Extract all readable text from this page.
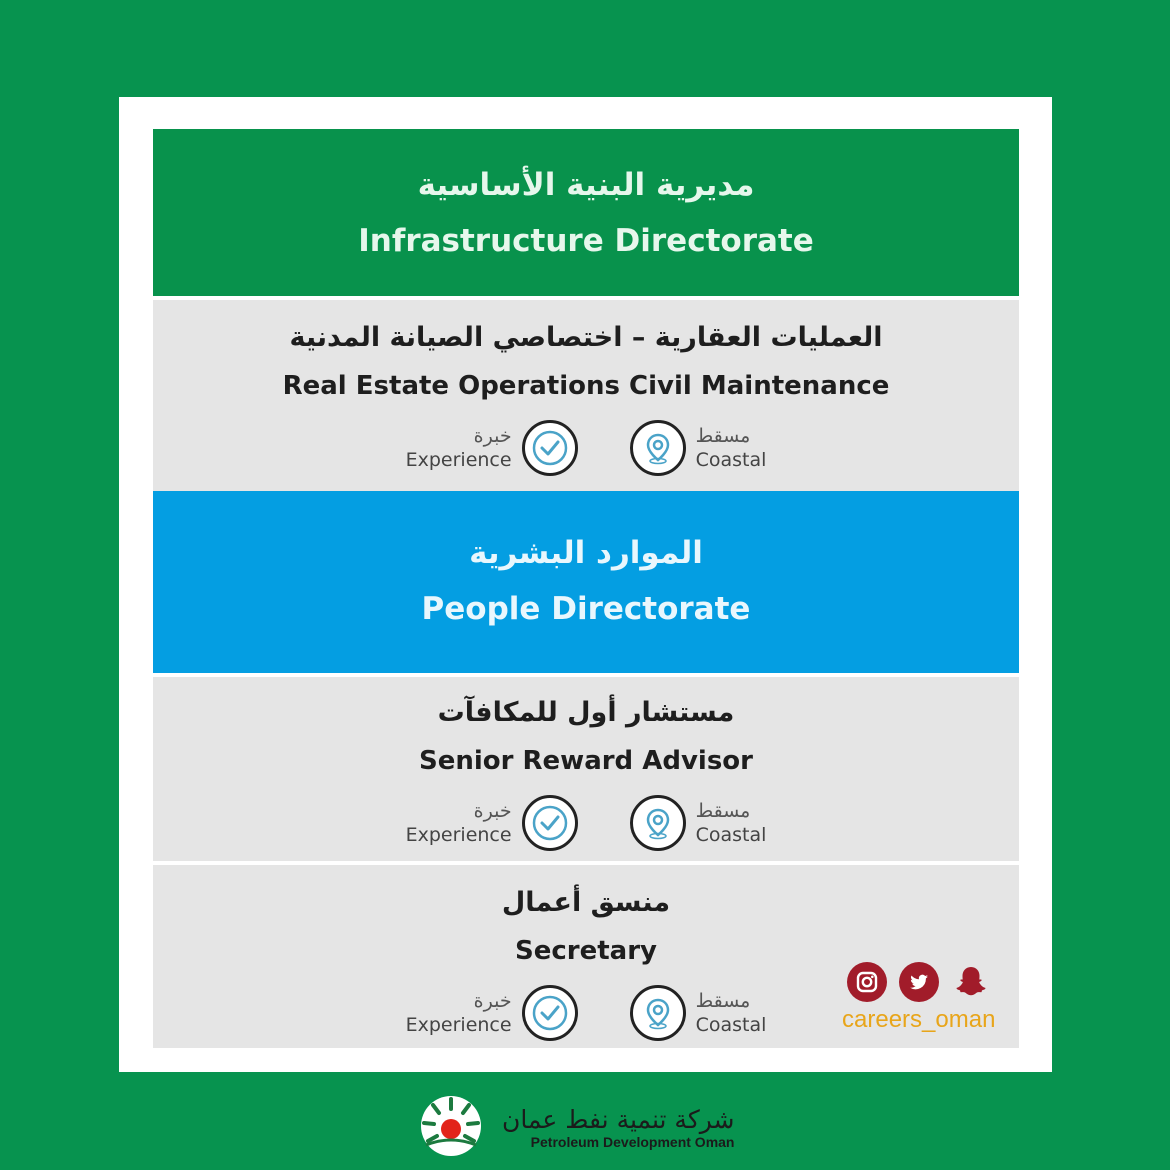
مديرية البنية الأساسية
Infrastructure Directorate
العمليات العقارية – اختصاصي الصيانة المدنية
Real Estate Operations Civil Maintenance
خبرة
Experience
مسقط
Coastal
الموارد البشرية
People Directorate
مستشار أول للمكافآت
Senior Reward Advisor
خبرة
Experience
مسقط
Coastal
منسق أعمال
Secretary
خبرة
Experience
مسقط
Coastal	careers_oman
شركة تنمية نفط عمان
Petroleum Development Oman
